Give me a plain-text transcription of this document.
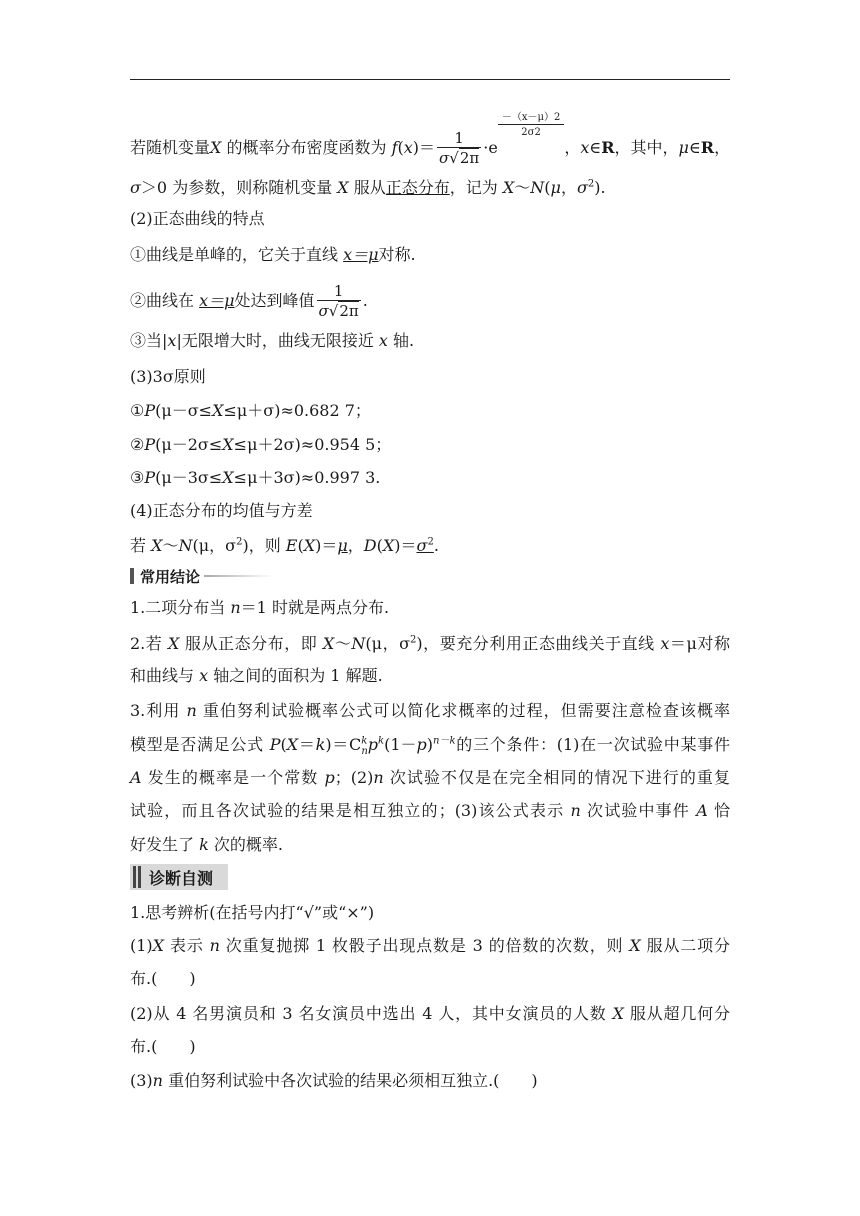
若随机变量X 的概率分布密度函数为 $f(x)= \frac{1}{\sigma√2\pi} \cdot e$
$\frac{-(x-\mu)2}{2\sigma 2}$
，x∈R，其中，μ∈R，
σ＞0 为参数，则称随机变量 X 服从正态分布，记为 X～N(μ，$\sigma^2$).
(2)正态曲线的特点
①曲线是单峰的，它关于直线 x＝μ对称.
②曲线在 x＝μ处达到峰值 $\frac{1}{\sigma√2\pi}$ .
③当|x|无限增大时，曲线无限接近 x 轴.
(3)3σ原则
①P(μ－σ≤X≤μ＋σ)≈0.682 7；
②P(μ－2σ≤X≤μ＋2σ)≈0.954 5；
③P(μ－3σ≤X≤μ＋3σ)≈0.997 3.
(4)正态分布的均值与方差
若 X～N(μ，$\sigma^2$)，则 E(X)＝μ，$D(X)=\sigma^2$.
常用结论
1.二项分布当 n＝1 时就是两点分布.
2.若 X 服从正态分布，即 X～N(μ，$\sigma^2$)，要充分利用正态曲线关于直线 x＝μ对称
和曲线与 x 轴之间的面积为 1 解题.
3.利用 n 重伯努利试验概率公式可以简化求概率的过程，但需要注意检查该概率
模型是否满足公式 $P(X=k)=C^k_np^k(1-p)^{n-k}$的三个条件：(1)在一次试验中某事件
A 发生的概率是一个常数 p；(2)n 次试验不仅是在完全相同的情况下进行的重复
试验，而且各次试验的结果是相互独立的；(3)该公式表示 n 次试验中事件 A 恰
好发生了 k 次的概率.
诊断自测
1.思考辨析(在括号内打“√”或“×”)
(1)X 表示 n 次重复抛掷 1 枚骰子出现点数是 3 的倍数的次数，则 X 服从二项分
布.(　　)
(2)从 4 名男演员和 3 名女演员中选出 4 人，其中女演员的人数 X 服从超几何分
布.(　　)
(3)n 重伯努利试验中各次试验的结果必须相互独立.(　　)
